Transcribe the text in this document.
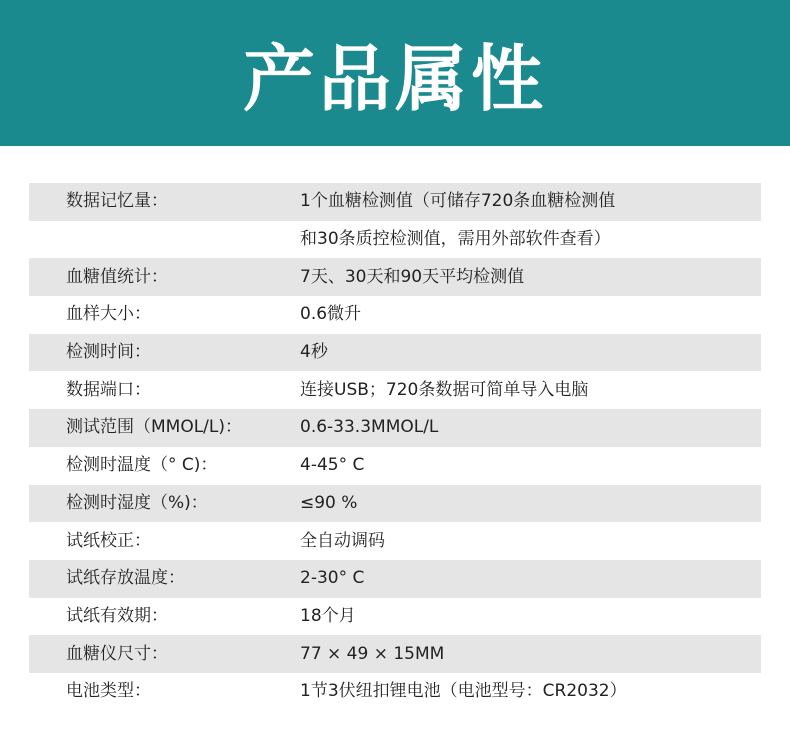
产品属性
数据记忆量：	1个血糖检测值（可储存720条血糖检测值
和30条质控检测值，需用外部软件查看）
血糖值统计：	7天、30天和90天平均检测值
血样大小：	0.6微升
检测时间：	4秒
数据端口：	连接USB；720条数据可简单导入电脑
测试范围（MMOL/L)：	0.6-33.3MMOL/L
检测时温度（° C)：	4-45° C
检测时湿度（%)：	≤90 %
试纸校正：	全自动调码
试纸存放温度：	2-30° C
试纸有效期：	18个月
血糖仪尺寸：	77 × 49 × 15MM
电池类型：	1节3伏纽扣锂电池（电池型号：CR2032）
